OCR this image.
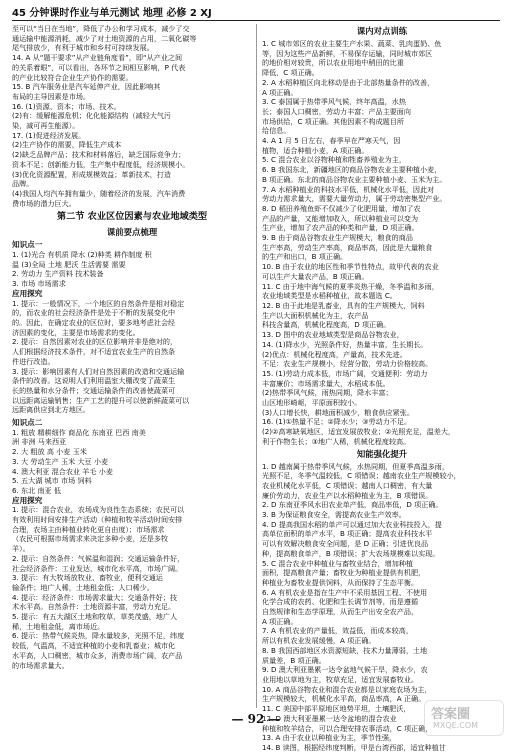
45 分钟课时作业与单元测试 地理 必修 2 XJ
至可以“当日在当地”，降低了办公和学习成本，减少了交
通运输中能源消耗，减少了对土地资源的占用，二氧化碳等
尾气排放少，有利于城市和乡村可持续发展。
14. A 从“题干要求”从产业链角度看”，即“从产业之间
的关系着眼”，可以看出，各环节之间相互影响，P 代表
的产业比较符合企业生产协作的需要。
15. B 汽车服务业是汽车延伸产业，因此影响其
布局的主导因素是市场。
16. (1)资源、资本；市场、技术。
(2)有：缓解能源危机；化化能源结构（减轻大气污
染，减可再生能源）。
17. (1)促进经济发展。
(2)生产协作的需要，降低生产成本
(2)缺乏品牌产品；技术和材料落后，缺乏国际竞争力；
资本不足；创新能力低，生产集中程度低，经济规模小。
(3)优化资源配置，形成规模效益；革新技术，打造
品牌。
(4)我国人均汽车拥有量少，随着经济的发展，汽车消费
费市场的潜力巨大。
第二节 农业区位因素与农业地域类型
课前要点梳理
知识点一
1. (1)光合 有机质 降水 (2)种类 耕作制度 积
温 (3)全局 土地 肥沃 生活需要 需要
2. 劳动力 生产资料 技术装备
3. 市场 市场需求
应用探究
1. 提示：一般情况下，一个地区的自然条件是相对稳定
的，而农业的社会经济条件是处于不断的发展变化中
的。因此，在确定农业的区位时，要多地考虑社会经
济因素的变化，主要是市场需求的变化。
2. 提示：自然因素对农业的区位影响并非是绝对的，
人们根据经济技术条件，对不适宜农业生产的自然条
件进行改造。
3. 提示：影响因素有人们对自然因素的改造和交通运输
条件的改善。这说明人们利用温室大棚改变了蔬菜生
长的热量和水分条件；交通运输条件的改善使蔬菜可
以远距离运输销售；生产工艺的提升可以使新鲜蔬菜可以
远距离供应到北方地区。
知识点二
1. 粗放 精耕细作 商品化 东南亚 巴西 南美
洲 非洲 马来西亚
2. 大 粗放 高 小麦 玉米
3. 大 劳动生产 玉米 大豆 小麦
4. 澳大利亚 混合农业 羊毛 小麦
5. 五大湖 城市 市场 饲料
6. 东北 南亚 低
应用探究
1. 提示：混合农业，农场成为良性生态系统；农民可以
有效利用时间安排生产活动（种植和牧羊活动时间安排
合理，农场主由种植业转化更自由度）；市场需求
（农民可根据市场需求来决定多种小麦，还是多牧
羊）。
2. 提示：自然条件：气候温和湿润；交通运输条件好，
社会经济条件：工业发达，城市化水平高，市场广阔。
3. 提示：有大牧场放牧业、畜牧业，便利交通运
输条件；地广人稀，土地租金低；人口稀少。
4. 提示：经济条件：市场需求量大；交通条件好；技
术水平高。自然条件：土地资源丰富，劳动力充足。
5. 提示：有五大湖区土地和牧草，草类茂盛，地广人
稀，土地租金低，离市场近。
6. 提示：热带气候炎热，降水量较多，光照不足，纬度
较低，气温高，不适宜种植的小麦和乳畜业；城市化
水平高，人口稠密，城市众多，消费市场广阔，农产品
的市场需求量大。
课内对点训练
1. C 城市郊区的农业主要生产水果、蔬菜、乳肉蛋奶、鱼
等，因为这些产品新鲜，不易保存运输，同时城市郊区
的地价相对较贵，所以农业用地中稍田的比重
降低，C 项正确。
2. A 水稻种植区向北移动是由于北部热量条件的改善，
A 项正确。
3. C 泰国属于热带季风气候，终年高温，水热
长；泰国人口稠密，劳动力丰富；产品主要面向
市场供给，C 项正确。其他因素不构成题目所
给信息。
4. A 1 月 5 日左右，春季早在严寒天气，因
植物，适合种植小麦，A 项正确。
5. C 混合农业以谷物种植和牲畜养殖业为主，
6. B 我国东北，新疆地区的商品谷物农业主要种植小麦，
B 项正确。东北的商品谷物农业主要种植小麦、玉米为主。
7. A 水稻种植业的科技水平低，机械化水平低，因此对
劳动力需求量大，需要大量劳动力，属于劳动密集型产业。
8. D 稻田养殖鱼虾不仅减少了化肥用量，增加了农
产品的产量，又能增加收入，所以种植业可以变为
生产业，增加了农产品的种类和产量，D 项正确。
9. B 由于商品谷物农业生产规模大，粮食的商品
生产率高，劳动生产率高，商品率高，因此是大量粮食
的生产和出口，B 项正确。
10. B 由于农业的地区性和季节性特点，故甲代表的农业
可以生产大量农产品，B 项正确。
11. C 由于地中海气候的夏季炎热干燥，冬季温和多雨，
农业地域类型是水稻种植业，故本题选 C。
12. B 由于此地是乳畜业，具有的生产规模大，饲料
生产以大面积机械化为主，农产品
科技含量高，机械化程度高，D 项正确。
13. D 图中的农业地域类型是商品谷物农业，
14. (1)降水少，光照条件好，热量丰富，生长期长。
(2)优点：机械化程度高，产量高，技术先进。
不足：农业生产规模小，经营分散，劳动力价格较高。
15. (1)劳动力成本低，市场广阔，交通便利：劳动力
丰富廉价；市场需求量大，水稻成本低。
(2)热带季风气候，雨热同期，降水丰富；
山区地形崎岖，平原面积较小。
(3)人口增长快，耕地面积减少，粮食供应紧张。
16. (1)①热量不足；②降水少；③劳动力不足。
(2)②高寒缺氧地区，适宜发展放牧业；②光照充足，温差大，
利于作物生长；③地广人稀，机械化程度较高。
知能强化提升
1. D 越南属于热带季风气候，水热同期，但夏季高温多雨，
光照不足，冬季气温较低，C 项错误；越南农业生产规模较小，
农业机械化水平低，C 项错误；越南人口稠密，有大量
廉价劳动力，农业生产以水稻种植业为主，B 项错误。
2. D 东南亚季风水田农业单产低，商品率低，D 项正确。
3. B 为保证粮食安全，需提高农业生产效率。
4. D 提高我国水稻的单产可以通过加大农业科技投入，提
高单位面积的单产水平，B 项正确；提高农业科技水平
可以有效解决粮食安全问题，是 D 正确；引进优良品
种，提高粮食单产，B 项错误；扩大农场规模难以实现。
5. C 混合农业中种植业与畜牧业结合，增加种植
面积，提高粮食产量；畜牧业为种植业提供有机肥，
种植业为畜牧业提供饲料，从而保持了生态平衡。
6. A 有机农业是指在生产中不采用基因工程、不使用
化学合成的农药、化肥和生长调节剂等，而是遵循
自然规律和生态学原理，从而生产出安全农产品，
A 项正确。
7. A 有机农业的产量低，效益低，而成本较高，
所以有机农业发展缓慢，A 项正确。
8. B 我国西部地区水资源短缺，技术力量薄弱，土地
质量差，B 项正确。
9. D 澳大利亚墨累一达令盆地气候干旱，降水少，农
业用地以草地为主，牧草充足，适宜发展畜牧业。
10. A 商品谷物农业和混合农业都是以家庭农场为主，
生产规模较大，机械化水平高，商品率高，A 正确。
11. C 美国中部平原地区地势平坦，土壤肥沃，
12. D 澳大利亚墨累一达令盆地的混合农业
种植和牧羊结合，可以合理安排农事活动，C 项正确，
13. A 由于农业以种植业为主，季节性强，
14. B 读图，根据经纬度判断，甲是台湾西部，适宜种植甘
— 92 —	答案圈
MXQE.COM
